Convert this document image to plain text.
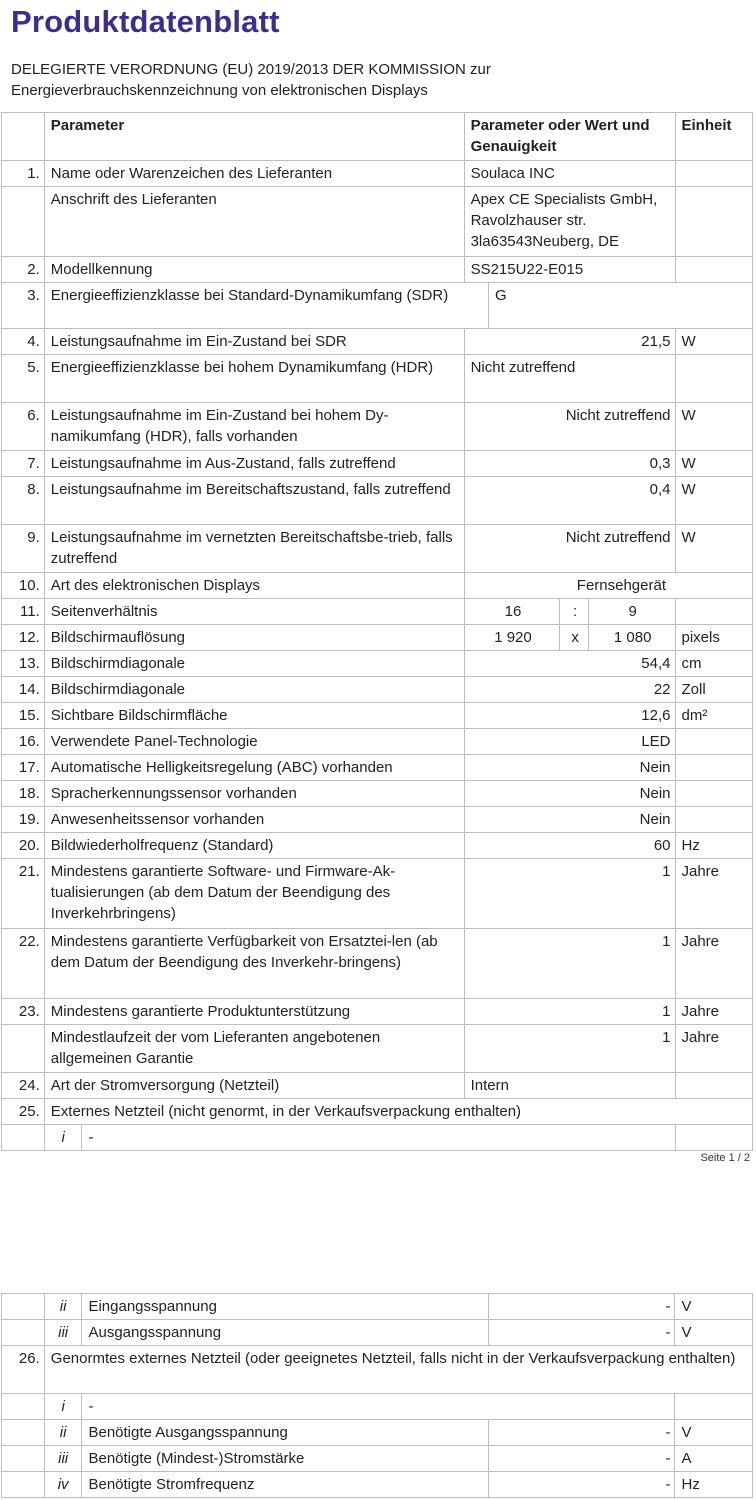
Produktdatenblatt
DELEGIERTE VERORDNUNG (EU) 2019/2013 DER KOMMISSION zur
Energieverbrauchskennzeichnung von elektronischen Displays
	Parameter		Parameter oder Wert und Genauigkeit				Einheit
1.	Name oder Warenzeichen des Lieferanten		Soulaca INC				
	Anschrift des Lieferanten		Apex CE Specialists GmbH, Ravolzhauser str. 3la63543Neuberg, DE				
2.	Modellkennung		SS215U22-E015				
3.	Energieeffizienzklasse bei Standard-Dynamikumfang (SDR)			G			
4.	Leistungsaufnahme im Ein-Zustand bei SDR		21,5				W
5.	Energieeffizienzklasse bei hohem Dynamikumfang (HDR)		Nicht zutreffend				
6.	Leistungsaufnahme im Ein-Zustand bei hohem Dy-namikumfang (HDR), falls vorhanden		Nicht zutreffend				W
7.	Leistungsaufnahme im Aus-Zustand, falls zutreffend		0,3				W
8.	Leistungsaufnahme im Bereitschaftszustand, falls zutreffend		0,4				W
9.	Leistungsaufnahme im vernetzten Bereitschaftsbe-trieb, falls zutreffend		Nicht zutreffend				W
10.	Art des elektronischen Displays		Fernsehgerät				
11.	Seitenverhältnis		16		:	9	
12.	Bildschirmauflösung		1 920		x	1 080	pixels
13.	Bildschirmdiagonale		54,4				cm
14.	Bildschirmdiagonale		22				Zoll
15.	Sichtbare Bildschirmfläche		12,6				dm²
16.	Verwendete Panel-Technologie		LED				
17.	Automatische Helligkeitsregelung (ABC) vorhanden		Nein				
18.	Spracherkennungssensor vorhanden		Nein				
19.	Anwesenheitssensor vorhanden		Nein				
20.	Bildwiederholfrequenz (Standard)		60				Hz
21.	Mindestens garantierte Software- und Firmware-Ak-tualisierungen (ab dem Datum der Beendigung des Inverkehrbringens)		1				Jahre
22.	Mindestens garantierte Verfügbarkeit von Ersatztei-len (ab dem Datum der Beendigung des Inverkehr-bringens)		1				Jahre
23.	Mindestens garantierte Produktunterstützung		1				Jahre
	Mindestlaufzeit der vom Lieferanten angebotenen allgemeinen Garantie		1				Jahre
24.	Art der Stromversorgung (Netzteil)		Intern				
25.	Externes Netzteil (nicht genormt, in der Verkaufsverpackung enthalten)						
	i	-					
Seite 1 / 2
	ii	Eingangsspannung	-	V
	iii	Ausgangsspannung	-	V
26.	Genormtes externes Netzteil (oder geeignetes Netzteil, falls nicht in der Verkaufsverpackung enthalten)			
	i	-		
	ii	Benötigte Ausgangsspannung	-	V
	iii	Benötigte (Mindest-)Stromstärke	-	A
	iv	Benötigte Stromfrequenz	-	Hz
